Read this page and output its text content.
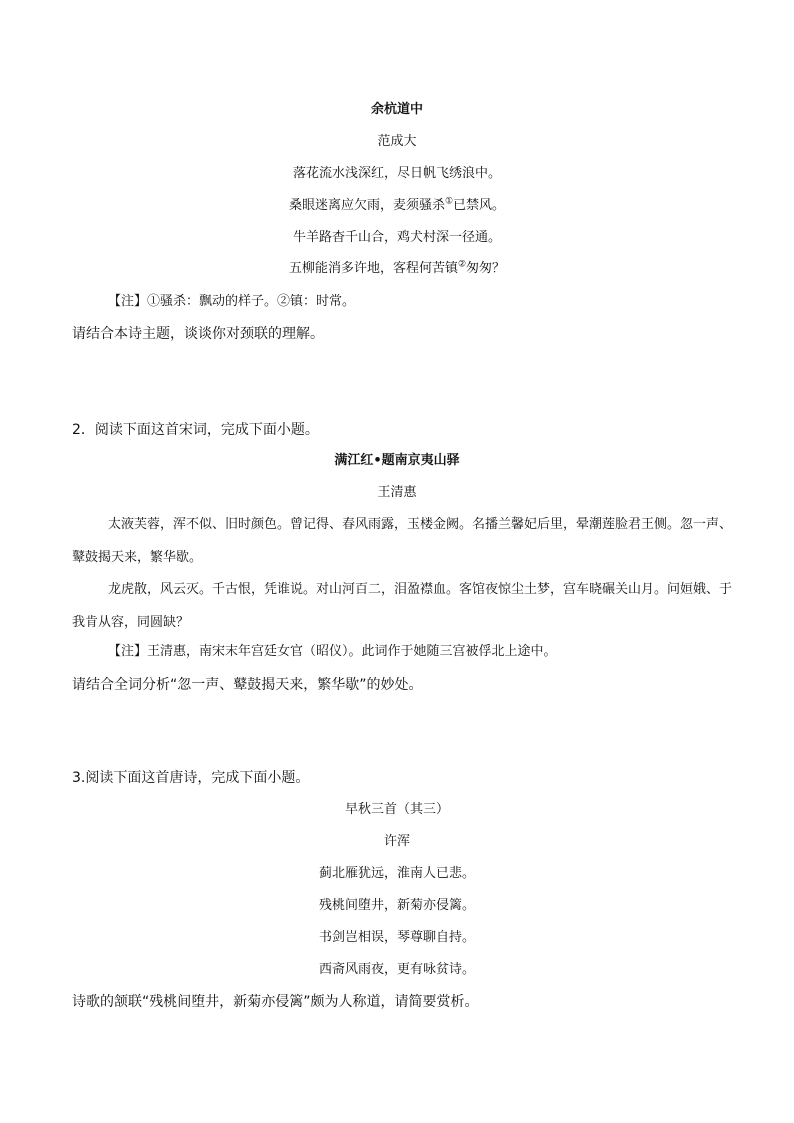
余杭道中
范成大
落花流水浅深红，尽日帆飞绣浪中。
桑眼迷离应欠雨，麦须骚杀①已禁风。
牛羊路杳千山合，鸡犬村深一径通。
五柳能消多许地，客程何苦镇②匆匆？
【注】①骚杀：飘动的样子。②镇：时常。
请结合本诗主题，谈谈你对颈联的理解。
2．阅读下面这首宋词，完成下面小题。
满江红•题南京夷山驿
王清惠
太液芙蓉，浑不似、旧时颜色。曾记得、春风雨露，玉楼金阙。名播兰馨妃后里，晕潮莲脸君王侧。忽一声、鼙鼓揭天来，繁华歇。
龙虎散，风云灭。千古恨，凭谁说。对山河百二，泪盈襟血。客馆夜惊尘土梦，宫车晓碾关山月。问姮娥、于我肯从容，同圆缺？
【注】王清惠，南宋末年宫廷女官（昭仪）。此词作于她随三宫被俘北上途中。
请结合全词分析“忽一声、鼙鼓揭天来，繁华歇”的妙处。
3.阅读下面这首唐诗，完成下面小题。
早秋三首（其三）
许浑
蓟北雁犹远，淮南人已悲。
残桃间堕井，新菊亦侵篱。
书剑岂相误，琴尊聊自持。
西斋风雨夜，更有咏贫诗。
诗歌的颔联“残桃间堕井，新菊亦侵篱”颇为人称道，请简要赏析。
